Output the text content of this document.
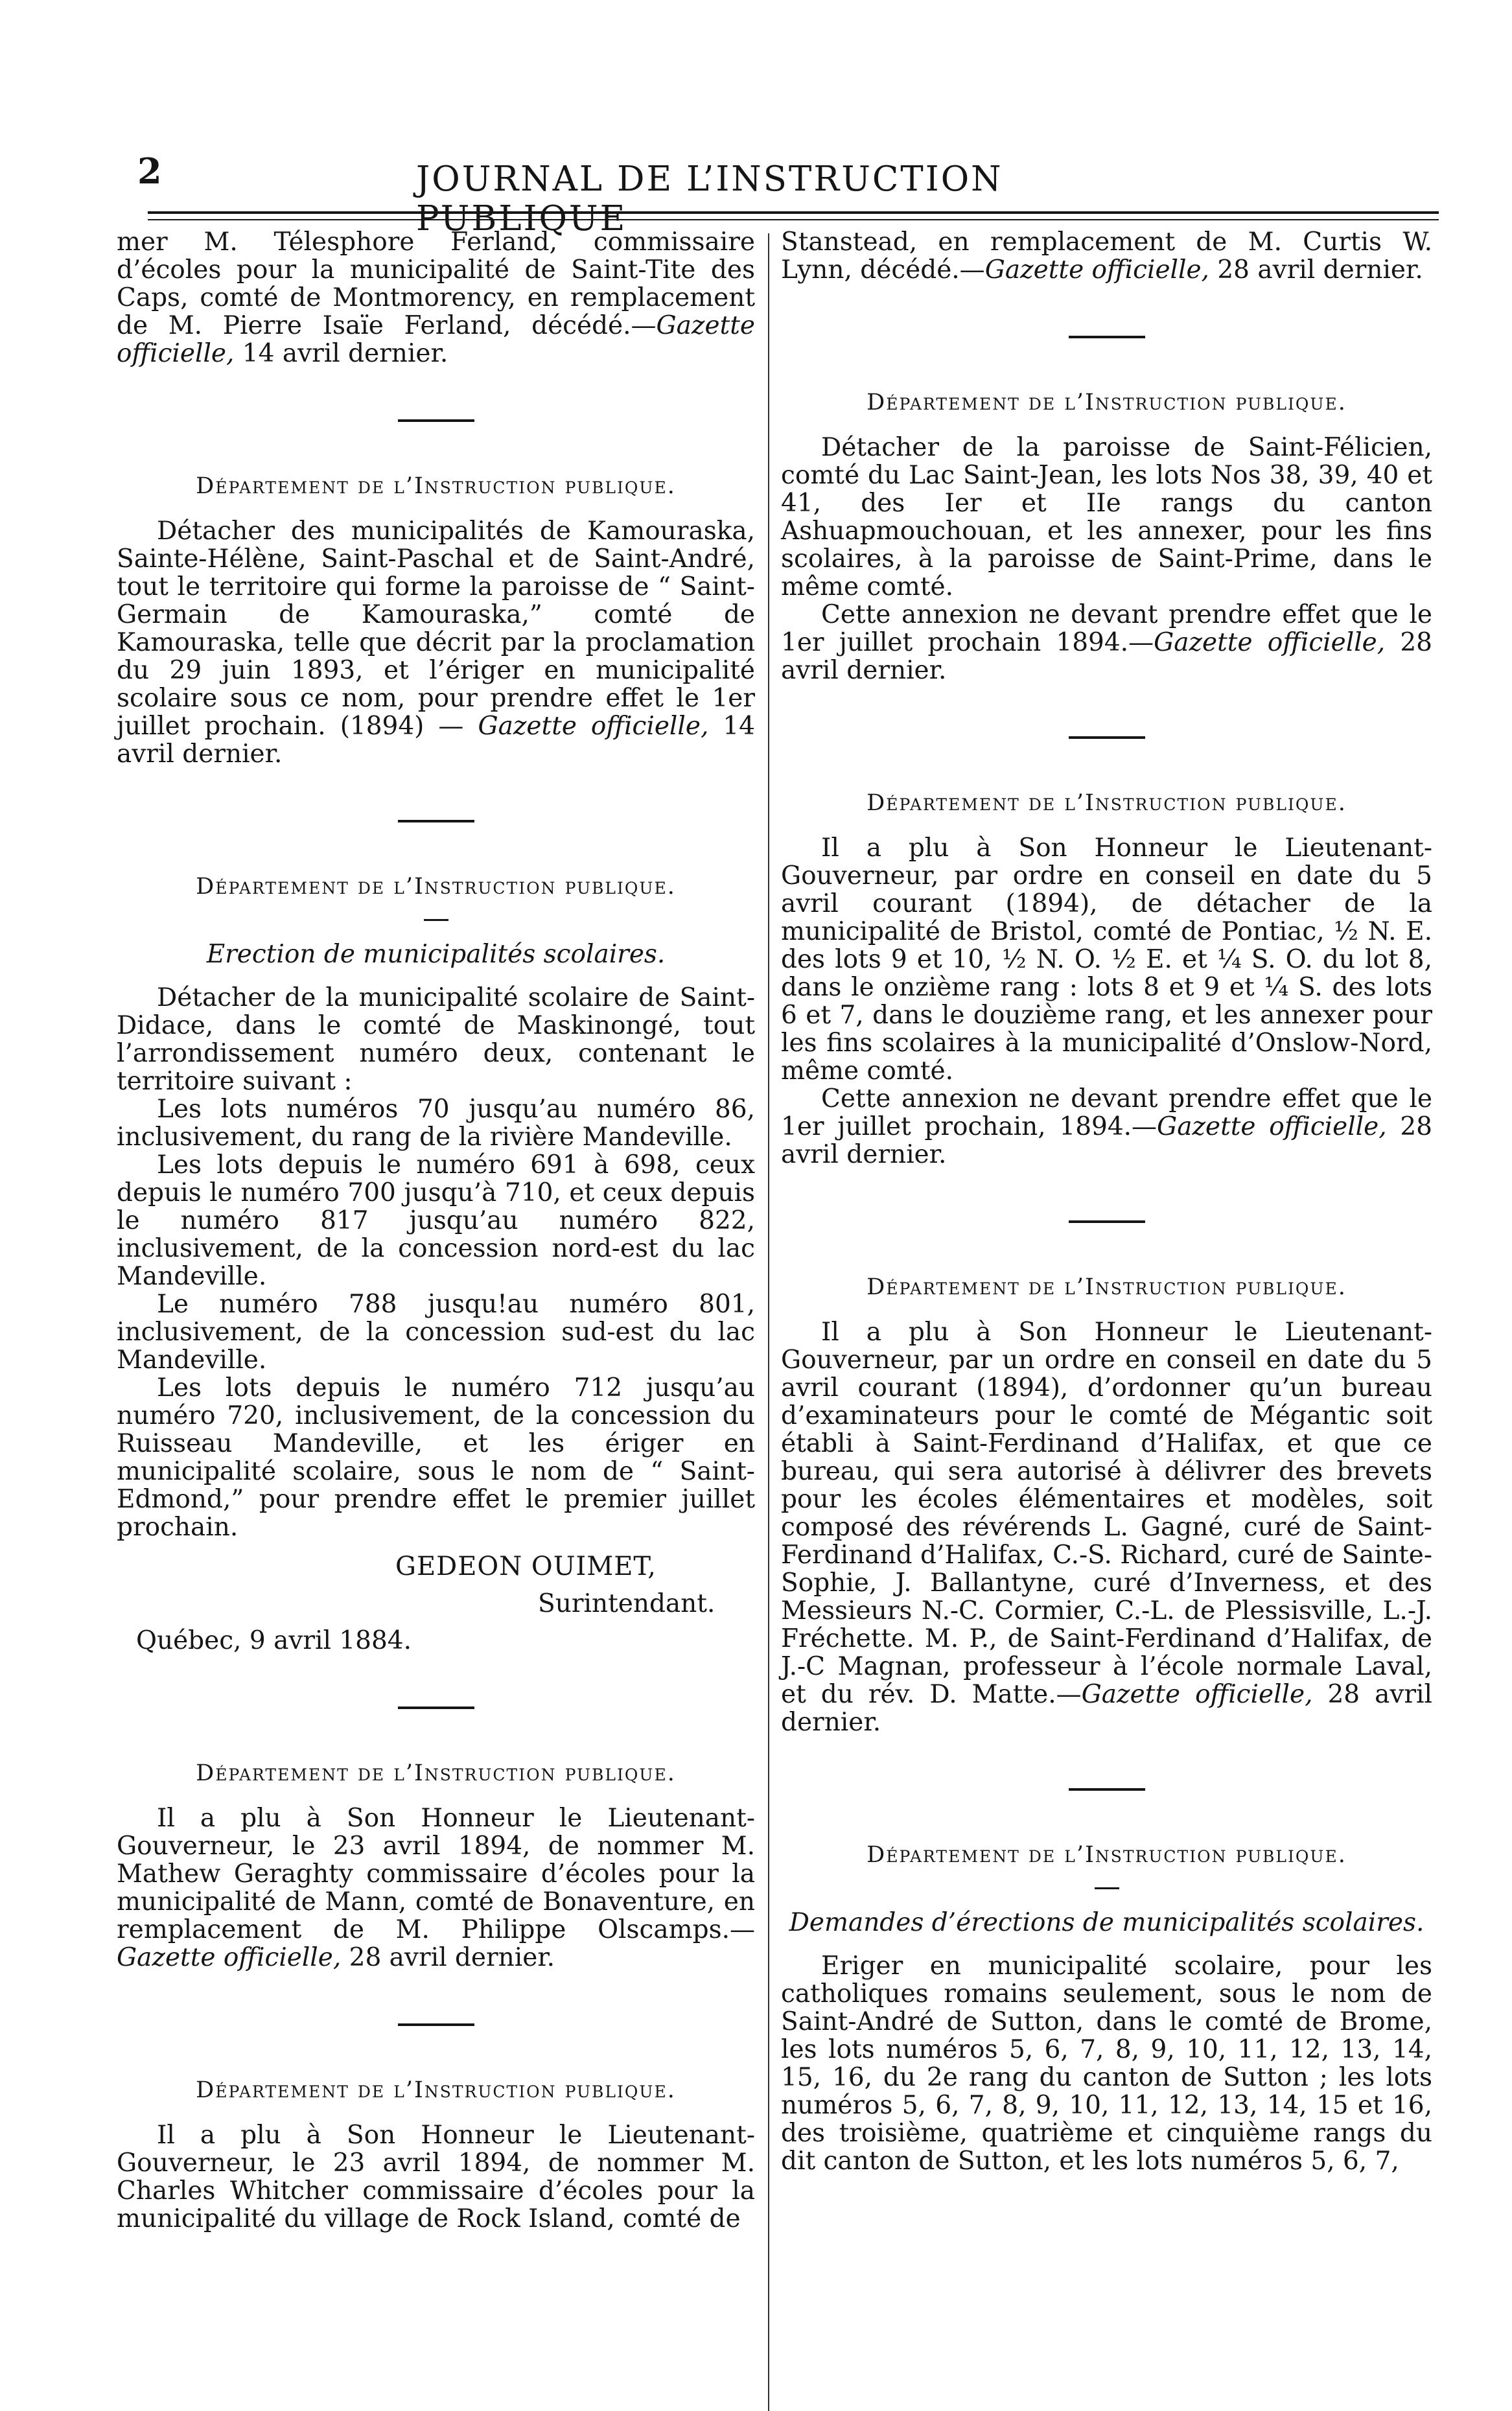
2	JOURNAL DE L’INSTRUCTION

mer M. Télesphore Ferland, commissaire d’écoles pour la municipalité de Saint-Tite des Caps, comté de Montmorency, en remplacement de M. Pierre Isaïe Ferland, décédé.—Gazette officielle, 14 avril dernier.

Département de l’Instruction publique.

Détacher des municipalités de Kamouraska, Sainte-Hélène, Saint-Paschal et de Saint-André, tout le territoire qui forme la paroisse de “ Saint-Germain de Kamouraska,” comté de Kamouraska, telle que décrit par la proclamation du 29 juin 1893, et l’ériger en municipalité scolaire sous ce nom, pour prendre effet le 1er juillet prochain. (1894) — Gazette officielle, 14 avril dernier.

Département de l’Instruction publique.
Erection de municipalités scolaires.

Détacher de la municipalité scolaire de Saint-Didace, dans le comté de Maskinongé, tout l’arrondissement numéro deux, contenant le territoire suivant :

Les lots numéros 70 jusqu’au numéro 86, inclusivement, du rang de la rivière Mandeville.

Les lots depuis le numéro 691 à 698, ceux depuis le numéro 700 jusqu’à 710, et ceux depuis le numéro 817 jusqu’au numéro 822, inclusivement, de la concession nord-est du lac Mandeville.

Le numéro 788 jusqu!au numéro 801, inclusivement, de la concession sud-est du lac Mandeville.

Les lots depuis le numéro 712 jusqu’au numéro 720, inclusivement, de la concession du Ruisseau Mandeville, et les ériger en municipalité scolaire, sous le nom de “ Saint-Edmond,” pour prendre effet le premier juillet prochain.

GEDEON OUIMET,
Surintendant.
Québec, 9 avril 1884.
Département de l’Instruction publique.

Il a plu à Son Honneur le Lieutenant-Gouverneur, le 23 avril 1894, de nommer M. Mathew Geraghty commissaire d’écoles pour la municipalité de Mann, comté de Bonaventure, en remplacement de M. Philippe Olscamps.—Gazette officielle, 28 avril dernier.

Département de l’Instruction publique.

Il a plu à Son Honneur le Lieutenant-Gouverneur, le 23 avril 1894, de nommer M. Charles Whitcher commissaire d’écoles pour la municipalité du village de Rock Island, comté de

Stanstead, en remplacement de M. Curtis W. Lynn, décédé.—Gazette officielle, 28 avril dernier.

Département de l’Instruction publique.

Détacher de la paroisse de Saint-Félicien, comté du Lac Saint-Jean, les lots Nos 38, 39, 40 et 41, des Ier et IIe rangs du canton Ashuapmouchouan, et les annexer, pour les fins scolaires, à la paroisse de Saint-Prime, dans le même comté.

Cette annexion ne devant prendre effet que le 1er juillet prochain 1894.—Gazette officielle, 28 avril dernier.

Département de l’Instruction publique.

Il a plu à Son Honneur le Lieutenant-Gouverneur, par ordre en conseil en date du 5 avril courant (1894), de détacher de la municipalité de Bristol, comté de Pontiac, ½ N. E. des lots 9 et 10, ½ N. O. ½ E. et ¼ S. O. du lot 8, dans le onzième rang : lots 8 et 9 et ¼ S. des lots 6 et 7, dans le douzième rang, et les annexer pour les fins scolaires à la municipalité d’Onslow-Nord, même comté.

Cette annexion ne devant prendre effet que le 1er juillet prochain, 1894.—Gazette officielle, 28 avril dernier.

Département de l’Instruction publique.

Il a plu à Son Honneur le Lieutenant-Gouverneur, par un ordre en conseil en date du 5 avril courant (1894), d’ordonner qu’un bureau d’examinateurs pour le comté de Mégantic soit établi à Saint-Ferdinand d’Halifax, et que ce bureau, qui sera autorisé à délivrer des brevets pour les écoles élémentaires et modèles, soit composé des révérends L. Gagné, curé de Saint-Ferdinand d’Halifax, C.-S. Richard, curé de Sainte-Sophie, J. Ballantyne, curé d’Inverness, et des Messieurs N.-C. Cormier, C.-L. de Plessisville, L.-J. Fréchette. M. P., de Saint-Ferdinand d’Halifax, de J.-C Magnan, professeur à l’école normale Laval, et du rév. D. Matte.—Gazette officielle, 28 avril dernier.

Département de l’Instruction publique.
Demandes d’érections de municipalités scolaires.

Eriger en municipalité scolaire, pour les catholiques romains seulement, sous le nom de Saint-André de Sutton, dans le comté de Brome, les lots numéros 5, 6, 7, 8, 9, 10, 11, 12, 13, 14, 15, 16, du 2e rang du canton de Sutton ; les lots numéros 5, 6, 7, 8, 9, 10, 11, 12, 13, 14, 15 et 16, des troisième, quatrième et cinquième rangs du dit canton de Sutton, et les lots numéros 5, 6, 7,
